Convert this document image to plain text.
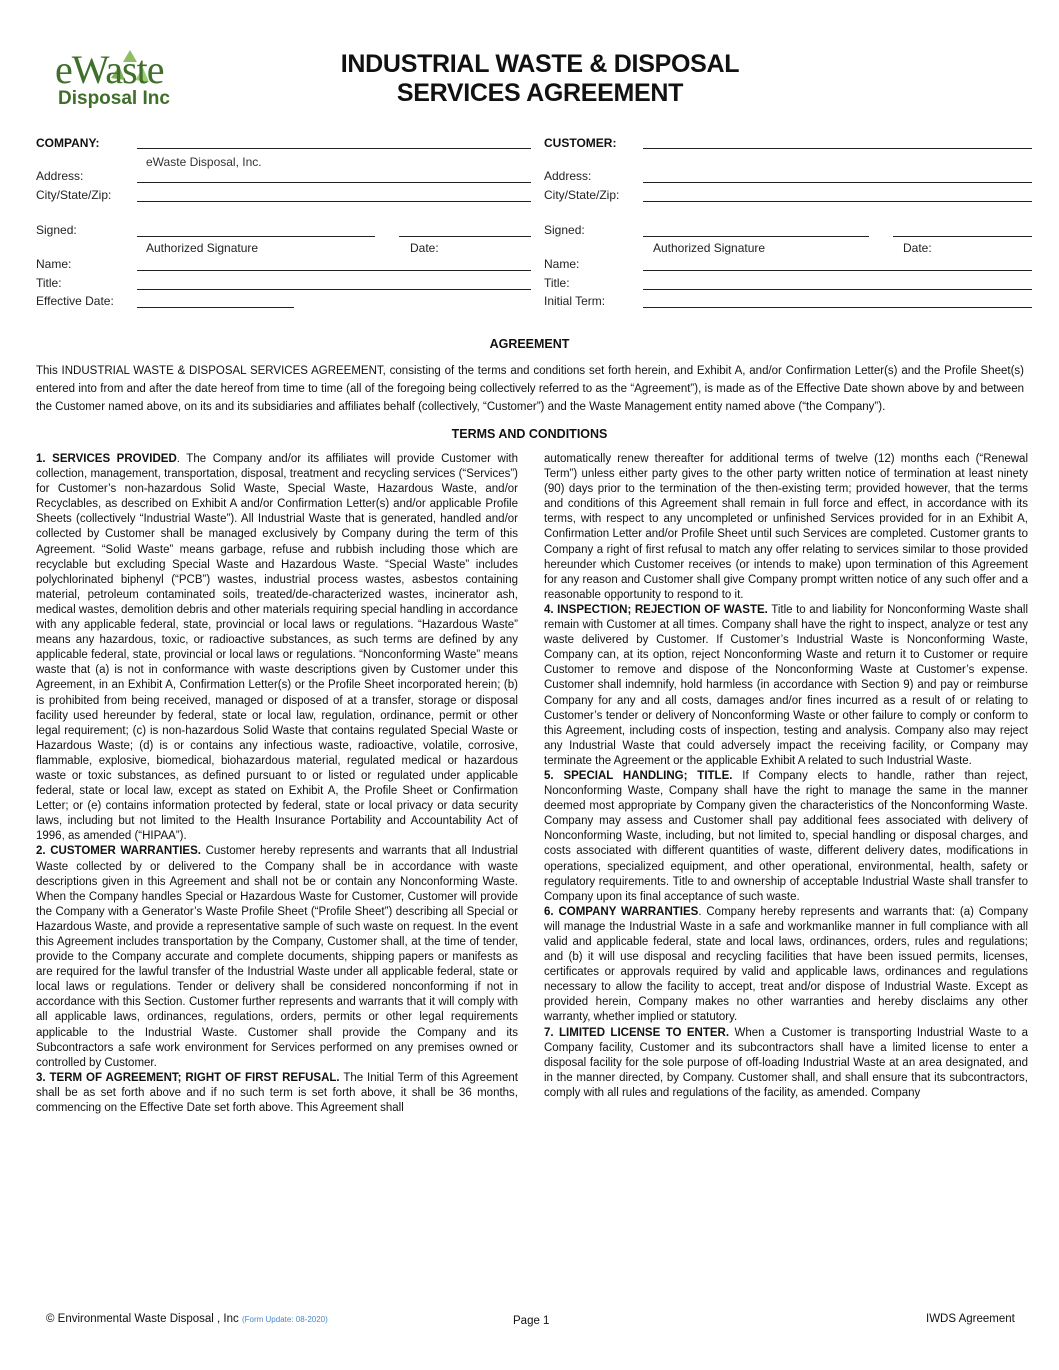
eWaste
Disposal Inc
INDUSTRIAL WASTE & DISPOSAL
SERVICES AGREEMENT
COMPANY:
eWaste Disposal, Inc.
Address:
City/State/Zip:
Signed:
Authorized Signature	Date:
Name:
Title:
Effective Date:
CUSTOMER:
Address:
City/State/Zip:
Signed:
Authorized Signature	Date:
Name:
Title:
Initial Term:
AGREEMENT
This INDUSTRIAL WASTE & DISPOSAL SERVICES AGREEMENT, consisting of the terms and conditions set forth herein, and Exhibit A, and/or Confirmation Letter(s) and the Profile Sheet(s) entered into from and after the date hereof from time to time (all of the foregoing being collectively referred to as the “Agreement”), is made as of the Effective Date shown above by and between the Customer named above, on its and its subsidiaries and affiliates behalf (collectively, “Customer”) and the Waste Management entity named above (“the Company”).
TERMS AND CONDITIONS

1. SERVICES PROVIDED. The Company and/or its affiliates will provide Customer with collection, management, transportation, disposal, treatment and recycling services (“Services”) for Customer’s non-hazardous Solid Waste, Special Waste, Hazardous Waste, and/or Recyclables, as described on Exhibit A and/or Confirmation Letter(s) and/or applicable Profile Sheets (collectively “Industrial Waste”). All Industrial Waste that is generated, handled and/or collected by Customer shall be managed exclusively by Company during the term of this Agreement. “Solid Waste” means garbage, refuse and rubbish including those which are recyclable but excluding Special Waste and Hazardous Waste. “Special Waste” includes polychlorinated biphenyl (“PCB”) wastes, industrial process wastes, asbestos containing material, petroleum contaminated soils, treated/de-characterized wastes, incinerator ash, medical wastes, demolition debris and other materials requiring special handling in accordance with any applicable federal, state, provincial or local laws or regulations. “Hazardous Waste” means any hazardous, toxic, or radioactive substances, as such terms are defined by any applicable federal, state, provincial or local laws or regulations. “Nonconforming Waste” means waste that (a) is not in conformance with waste descriptions given by Customer under this Agreement, in an Exhibit A, Confirmation Letter(s) or the Profile Sheet incorporated herein; (b) is prohibited from being received, managed or disposed of at a transfer, storage or disposal facility used hereunder by federal, state or local law, regulation, ordinance, permit or other legal requirement; (c) is non-hazardous Solid Waste that contains regulated Special Waste or Hazardous Waste; (d) is or contains any infectious waste, radioactive, volatile, corrosive, flammable, explosive, biomedical, biohazardous material, regulated medical or hazardous waste or toxic substances, as defined pursuant to or listed or regulated under applicable federal, state or local law, except as stated on Exhibit A, the Profile Sheet or Confirmation Letter; or (e) contains information protected by federal, state or local privacy or data security laws, including but not limited to the Health Insurance Portability and Accountability Act of 1996, as amended (“HIPAA”).

2. CUSTOMER WARRANTIES. Customer hereby represents and warrants that all Industrial Waste collected by or delivered to the Company shall be in accordance with waste descriptions given in this Agreement and shall not be or contain any Nonconforming Waste. When the Company handles Special or Hazardous Waste for Customer, Customer will provide the Company with a Generator’s Waste Profile Sheet (“Profile Sheet”) describing all Special or Hazardous Waste, and provide a representative sample of such waste on request. In the event this Agreement includes transportation by the Company, Customer shall, at the time of tender, provide to the Company accurate and complete documents, shipping papers or manifests as are required for the lawful transfer of the Industrial Waste under all applicable federal, state or local laws or regulations. Tender or delivery shall be considered nonconforming if not in accordance with this Section. Customer further represents and warrants that it will comply with all applicable laws, ordinances, regulations, orders, permits or other legal requirements applicable to the Industrial Waste. Customer shall provide the Company and its Subcontractors a safe work environment for Services performed on any premises owned or controlled by Customer.

3. TERM OF AGREEMENT; RIGHT OF FIRST REFUSAL. The Initial Term of this Agreement shall be as set forth above and if no such term is set forth above, it shall be 36 months, commencing on the Effective Date set forth above. This Agreement shall

automatically renew thereafter for additional terms of twelve (12) months each (“Renewal Term”) unless either party gives to the other party written notice of termination at least ninety (90) days prior to the termination of the then-existing term; provided however, that the terms and conditions of this Agreement shall remain in full force and effect, in accordance with its terms, with respect to any uncompleted or unfinished Services provided for in an Exhibit A, Confirmation Letter and/or Profile Sheet until such Services are completed. Customer grants to Company a right of first refusal to match any offer relating to services similar to those provided hereunder which Customer receives (or intends to make) upon termination of this Agreement for any reason and Customer shall give Company prompt written notice of any such offer and a reasonable opportunity to respond to it.

4. INSPECTION; REJECTION OF WASTE. Title to and liability for Nonconforming Waste shall remain with Customer at all times. Company shall have the right to inspect, analyze or test any waste delivered by Customer. If Customer’s Industrial Waste is Nonconforming Waste, Company can, at its option, reject Nonconforming Waste and return it to Customer or require Customer to remove and dispose of the Nonconforming Waste at Customer’s expense. Customer shall indemnify, hold harmless (in accordance with Section 9) and pay or reimburse Company for any and all costs, damages and/or fines incurred as a result of or relating to Customer’s tender or delivery of Nonconforming Waste or other failure to comply or conform to this Agreement, including costs of inspection, testing and analysis. Company also may reject any Industrial Waste that could adversely impact the receiving facility, or Company may terminate the Agreement or the applicable Exhibit A related to such Industrial Waste.

5. SPECIAL HANDLING; TITLE. If Company elects to handle, rather than reject, Nonconforming Waste, Company shall have the right to manage the same in the manner deemed most appropriate by Company given the characteristics of the Nonconforming Waste. Company may assess and Customer shall pay additional fees associated with delivery of Nonconforming Waste, including, but not limited to, special handling or disposal charges, and costs associated with different quantities of waste, different delivery dates, modifications in operations, specialized equipment, and other operational, environmental, health, safety or regulatory requirements. Title to and ownership of acceptable Industrial Waste shall transfer to Company upon its final acceptance of such waste.

6. COMPANY WARRANTIES. Company hereby represents and warrants that: (a) Company will manage the Industrial Waste in a safe and workmanlike manner in full compliance with all valid and applicable federal, state and local laws, ordinances, orders, rules and regulations; and (b) it will use disposal and recycling facilities that have been issued permits, licenses, certificates or approvals required by valid and applicable laws, ordinances and regulations necessary to allow the facility to accept, treat and/or dispose of Industrial Waste. Except as provided herein, Company makes no other warranties and hereby disclaims any other warranty, whether implied or statutory.

7. LIMITED LICENSE TO ENTER. When a Customer is transporting Industrial Waste to a Company facility, Customer and its subcontractors shall have a limited license to enter a disposal facility for the sole purpose of off-loading Industrial Waste at an area designated, and in the manner directed, by Company. Customer shall, and shall ensure that its subcontractors, comply with all rules and regulations of the facility, as amended. Company

© Environmental Waste Disposal , Inc (Form Update: 08-2020)	Page 1	IWDS Agreement
